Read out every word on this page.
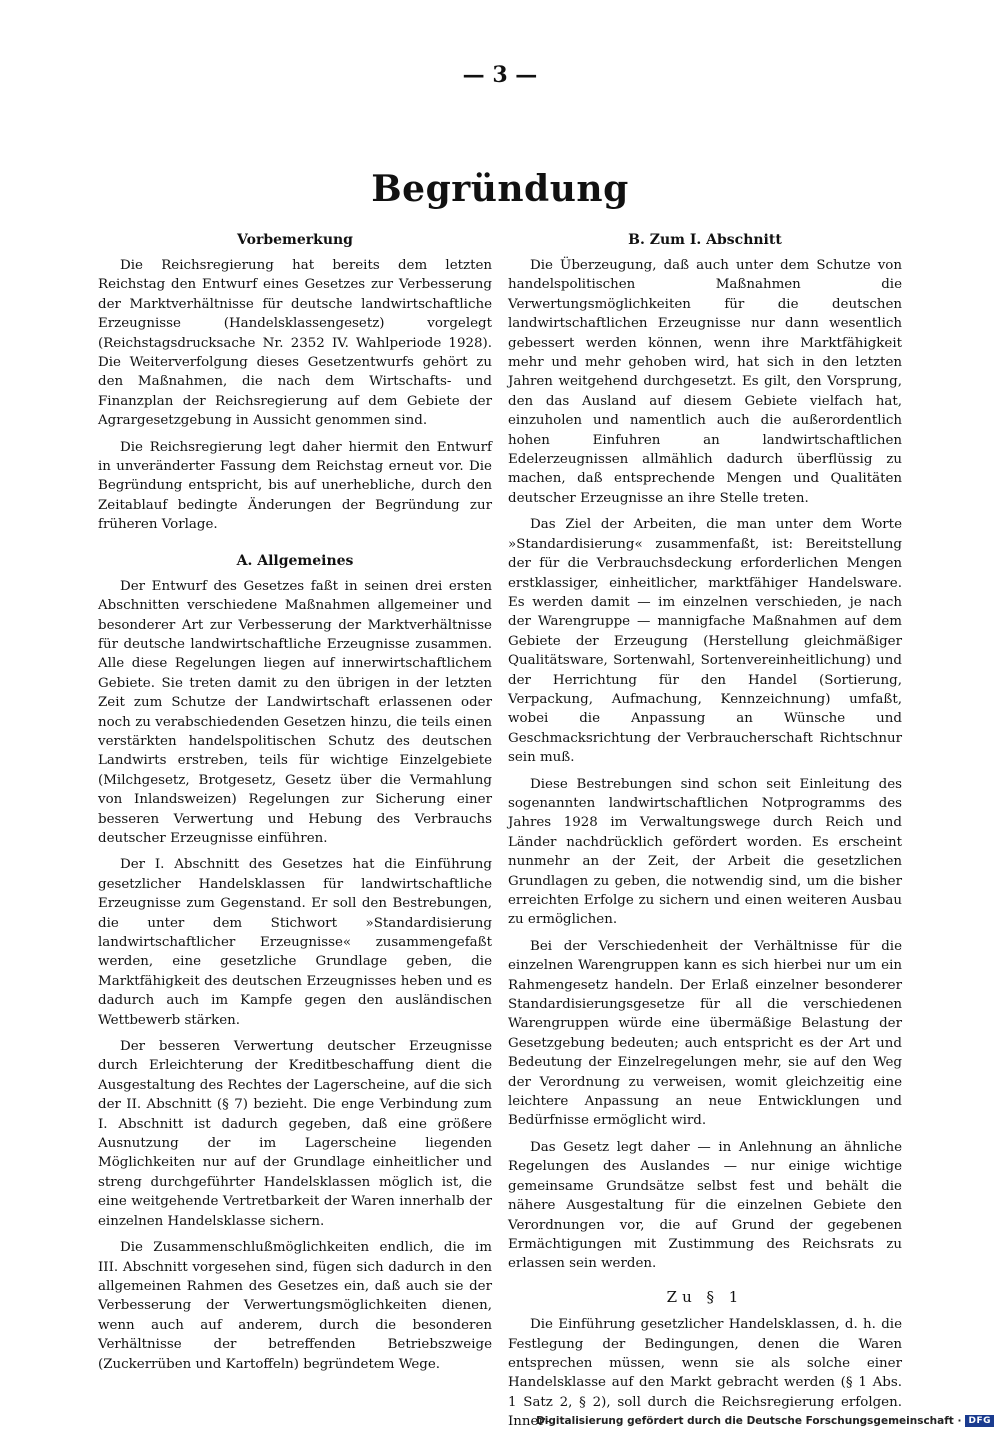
— 3 —
Begründung
Vorbemerkung

Die Reichsregierung hat bereits dem letzten Reichstag den Entwurf eines Gesetzes zur Verbesserung der Marktverhältnisse für deutsche landwirtschaftliche Erzeugnisse (Handelsklassengesetz) vorgelegt (Reichstagsdrucksache Nr. 2352 IV. Wahlperiode 1928). Die Weiterverfolgung dieses Gesetzentwurfs gehört zu den Maßnahmen, die nach dem Wirtschafts- und Finanzplan der Reichsregierung auf dem Gebiete der Agrargesetzgebung in Aussicht genommen sind.

Die Reichsregierung legt daher hiermit den Entwurf in unveränderter Fassung dem Reichstag erneut vor. Die Begründung entspricht, bis auf unerhebliche, durch den Zeitablauf bedingte Änderungen der Begründung zur früheren Vorlage.

A. Allgemeines

Der Entwurf des Gesetzes faßt in seinen drei ersten Abschnitten verschiedene Maßnahmen allgemeiner und besonderer Art zur Verbesserung der Marktverhältnisse für deutsche landwirtschaftliche Erzeugnisse zusammen. Alle diese Regelungen liegen auf innerwirtschaftlichem Gebiete. Sie treten damit zu den übrigen in der letzten Zeit zum Schutze der Landwirtschaft erlassenen oder noch zu verabschiedenden Gesetzen hinzu, die teils einen verstärkten handelspolitischen Schutz des deutschen Landwirts erstreben, teils für wichtige Einzelgebiete (Milchgesetz, Brotgesetz, Gesetz über die Vermahlung von Inlandsweizen) Regelungen zur Sicherung einer besseren Verwertung und Hebung des Verbrauchs deutscher Erzeugnisse einführen.

Der I. Abschnitt des Gesetzes hat die Einführung gesetzlicher Handelsklassen für landwirtschaftliche Erzeugnisse zum Gegenstand. Er soll den Bestrebungen, die unter dem Stichwort »Standardisierung landwirtschaftlicher Erzeugnisse« zusammengefaßt werden, eine gesetzliche Grundlage geben, die Marktfähigkeit des deutschen Erzeugnisses heben und es dadurch auch im Kampfe gegen den ausländischen Wettbewerb stärken.

Der besseren Verwertung deutscher Erzeugnisse durch Erleichterung der Kreditbeschaffung dient die Ausgestaltung des Rechtes der Lagerscheine, auf die sich der II. Abschnitt (§ 7) bezieht. Die enge Verbindung zum I. Abschnitt ist dadurch gegeben, daß eine größere Ausnutzung der im Lagerscheine liegenden Möglichkeiten nur auf der Grundlage einheitlicher und streng durchgeführter Handelsklassen möglich ist, die eine weitgehende Vertretbarkeit der Waren innerhalb der einzelnen Handelsklasse sichern.

Die Zusammenschlußmöglichkeiten endlich, die im III. Abschnitt vorgesehen sind, fügen sich dadurch in den allgemeinen Rahmen des Gesetzes ein, daß auch sie der Verbesserung der Verwertungsmöglichkeiten dienen, wenn auch auf anderem, durch die besonderen Verhältnisse der betreffenden Betriebszweige (Zuckerrüben und Kartoffeln) begründetem Wege.

B. Zum I. Abschnitt

Die Überzeugung, daß auch unter dem Schutze von handelspolitischen Maßnahmen die Verwertungsmöglichkeiten für die deutschen landwirtschaftlichen Erzeugnisse nur dann wesentlich gebessert werden können, wenn ihre Marktfähigkeit mehr und mehr gehoben wird, hat sich in den letzten Jahren weitgehend durchgesetzt. Es gilt, den Vorsprung, den das Ausland auf diesem Gebiete vielfach hat, einzuholen und namentlich auch die außerordentlich hohen Einfuhren an landwirtschaftlichen Edelerzeugnissen allmählich dadurch überflüssig zu machen, daß entsprechende Mengen und Qualitäten deutscher Erzeugnisse an ihre Stelle treten.

Das Ziel der Arbeiten, die man unter dem Worte »Standardisierung« zusammenfaßt, ist: Bereitstellung der für die Verbrauchsdeckung erforderlichen Mengen erstklassiger, einheitlicher, marktfähiger Handelsware. Es werden damit — im einzelnen verschieden, je nach der Warengruppe — mannigfache Maßnahmen auf dem Gebiete der Erzeugung (Herstellung gleichmäßiger Qualitätsware, Sortenwahl, Sortenvereinheitlichung) und der Herrichtung für den Handel (Sortierung, Verpackung, Aufmachung, Kennzeichnung) umfaßt, wobei die Anpassung an Wünsche und Geschmacksrichtung der Verbraucherschaft Richtschnur sein muß.

Diese Bestrebungen sind schon seit Einleitung des sogenannten landwirtschaftlichen Notprogramms des Jahres 1928 im Verwaltungswege durch Reich und Länder nachdrücklich gefördert worden. Es erscheint nunmehr an der Zeit, der Arbeit die gesetzlichen Grundlagen zu geben, die notwendig sind, um die bisher erreichten Erfolge zu sichern und einen weiteren Ausbau zu ermöglichen.

Bei der Verschiedenheit der Verhältnisse für die einzelnen Warengruppen kann es sich hierbei nur um ein Rahmengesetz handeln. Der Erlaß einzelner besonderer Standardisierungsgesetze für all die verschiedenen Warengruppen würde eine übermäßige Belastung der Gesetzgebung bedeuten; auch entspricht es der Art und Bedeutung der Einzelregelungen mehr, sie auf den Weg der Verordnung zu verweisen, womit gleichzeitig eine leichtere Anpassung an neue Entwicklungen und Bedürfnisse ermöglicht wird.

Das Gesetz legt daher — in Anlehnung an ähnliche Regelungen des Auslandes — nur einige wichtige gemeinsame Grundsätze selbst fest und behält die nähere Ausgestaltung für die einzelnen Gebiete den Verordnungen vor, die auf Grund der gegebenen Ermächtigungen mit Zustimmung des Reichsrats zu erlassen sein werden.

Zu § 1

Die Einführung gesetzlicher Handelsklassen, d. h. die Festlegung der Bedingungen, denen die Waren entsprechen müssen, wenn sie als solche einer Handelsklasse auf den Markt gebracht werden (§ 1 Abs. 1 Satz 2, § 2), soll durch die Reichsregierung erfolgen. Inner-

Digitalisierung gefördert durch die Deutsche Forschungsgemeinschaft · DFG
